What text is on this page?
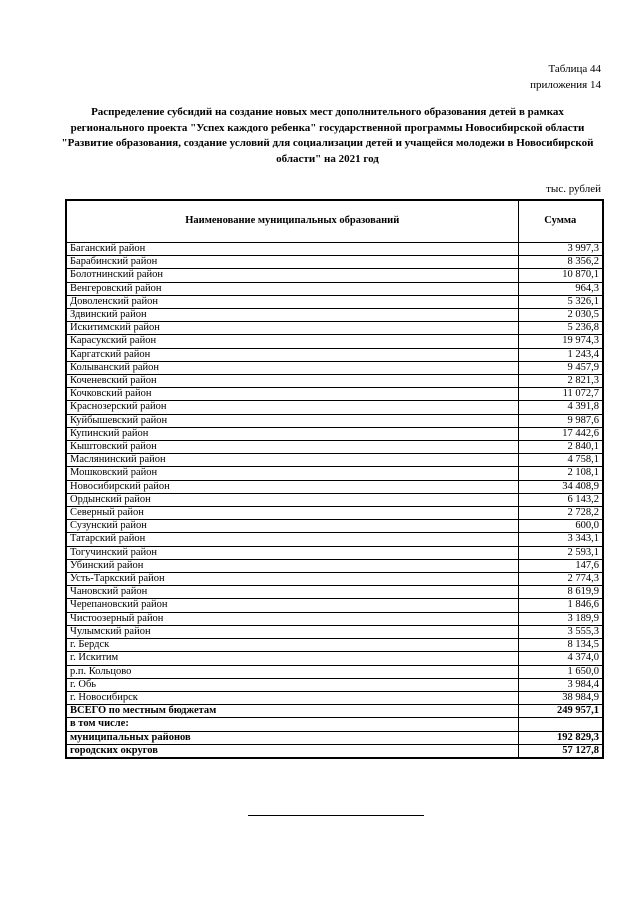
Таблица 44
приложения 14
Распределение субсидий на создание новых мест дополнительного образования детей в рамках регионального проекта "Успех каждого ребенка" государственной программы Новосибирской области "Развитие образования, создание условий для социализации детей и учащейся молодежи в Новосибирской области" на 2021 год
тыс. рублей
Наименование муниципальных образований	Сумма
Баганский район	3 997,3
Барабинский район	8 356,2
Болотнинский район	10 870,1
Венгеровский район	964,3
Доволенский район	5 326,1
Здвинский район	2 030,5
Искитимский район	5 236,8
Карасукский район	19 974,3
Каргатский район	1 243,4
Колыванский район	9 457,9
Коченевский район	2 821,3
Кочковский район	11 072,7
Краснозерский район	4 391,8
Куйбышевский район	9 987,6
Купинский район	17 442,6
Кыштовский район	2 840,1
Маслянинский район	4 758,1
Мошковский район	2 108,1
Новосибирский район	34 408,9
Ордынский район	6 143,2
Северный район	2 728,2
Сузунский район	600,0
Татарский район	3 343,1
Тогучинский район	2 593,1
Убинский район	147,6
Усть-Таркский район	2 774,3
Чановский район	8 619,9
Черепановский район	1 846,6
Чистоозерный район	3 189,9
Чулымский район	3 555,3
г. Бердск	8 134,5
г. Искитим	4 374,0
р.п. Кольцово	1 650,0
г. Обь	3 984,4
г. Новосибирск	38 984,9
ВСЕГО по местным бюджетам	249 957,1
в том числе:	
муниципальных районов	192 829,3
городских округов	57 127,8
